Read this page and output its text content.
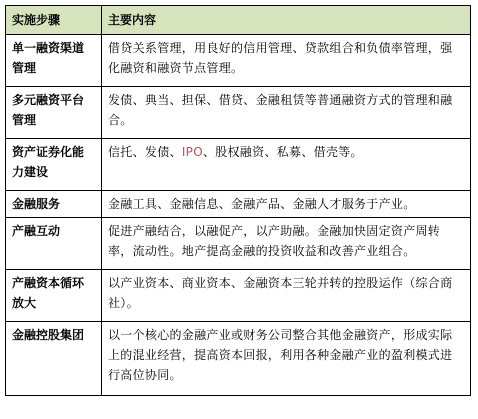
实施步骤	主要内容
单一融资渠道管理	借贷关系管理，用良好的信用管理、贷款组合和负债率管理，强化融资和融资节点管理。
多元融资平台管理	发债、典当、担保、借贷、金融租赁等普通融资方式的管理和融合。
资产证券化能力建设	信托、发债、IPO、股权融资、私募、借壳等。
金融服务	金融工具、金融信息、金融产品、金融人才服务于产业。
产融互动	促进产融结合，以融促产，以产助融。金融加快固定资产周转率，流动性。地产提高金融的投资收益和改善产业组合。
产融资本循环放大	以产业资本、商业资本、金融资本三轮并转的控股运作（综合商社）。
金融控股集团	以一个核心的金融产业或财务公司整合其他金融资产，形成实际上的混业经营，提高资本回报，利用各种金融产业的盈利模式进行高位协同。
